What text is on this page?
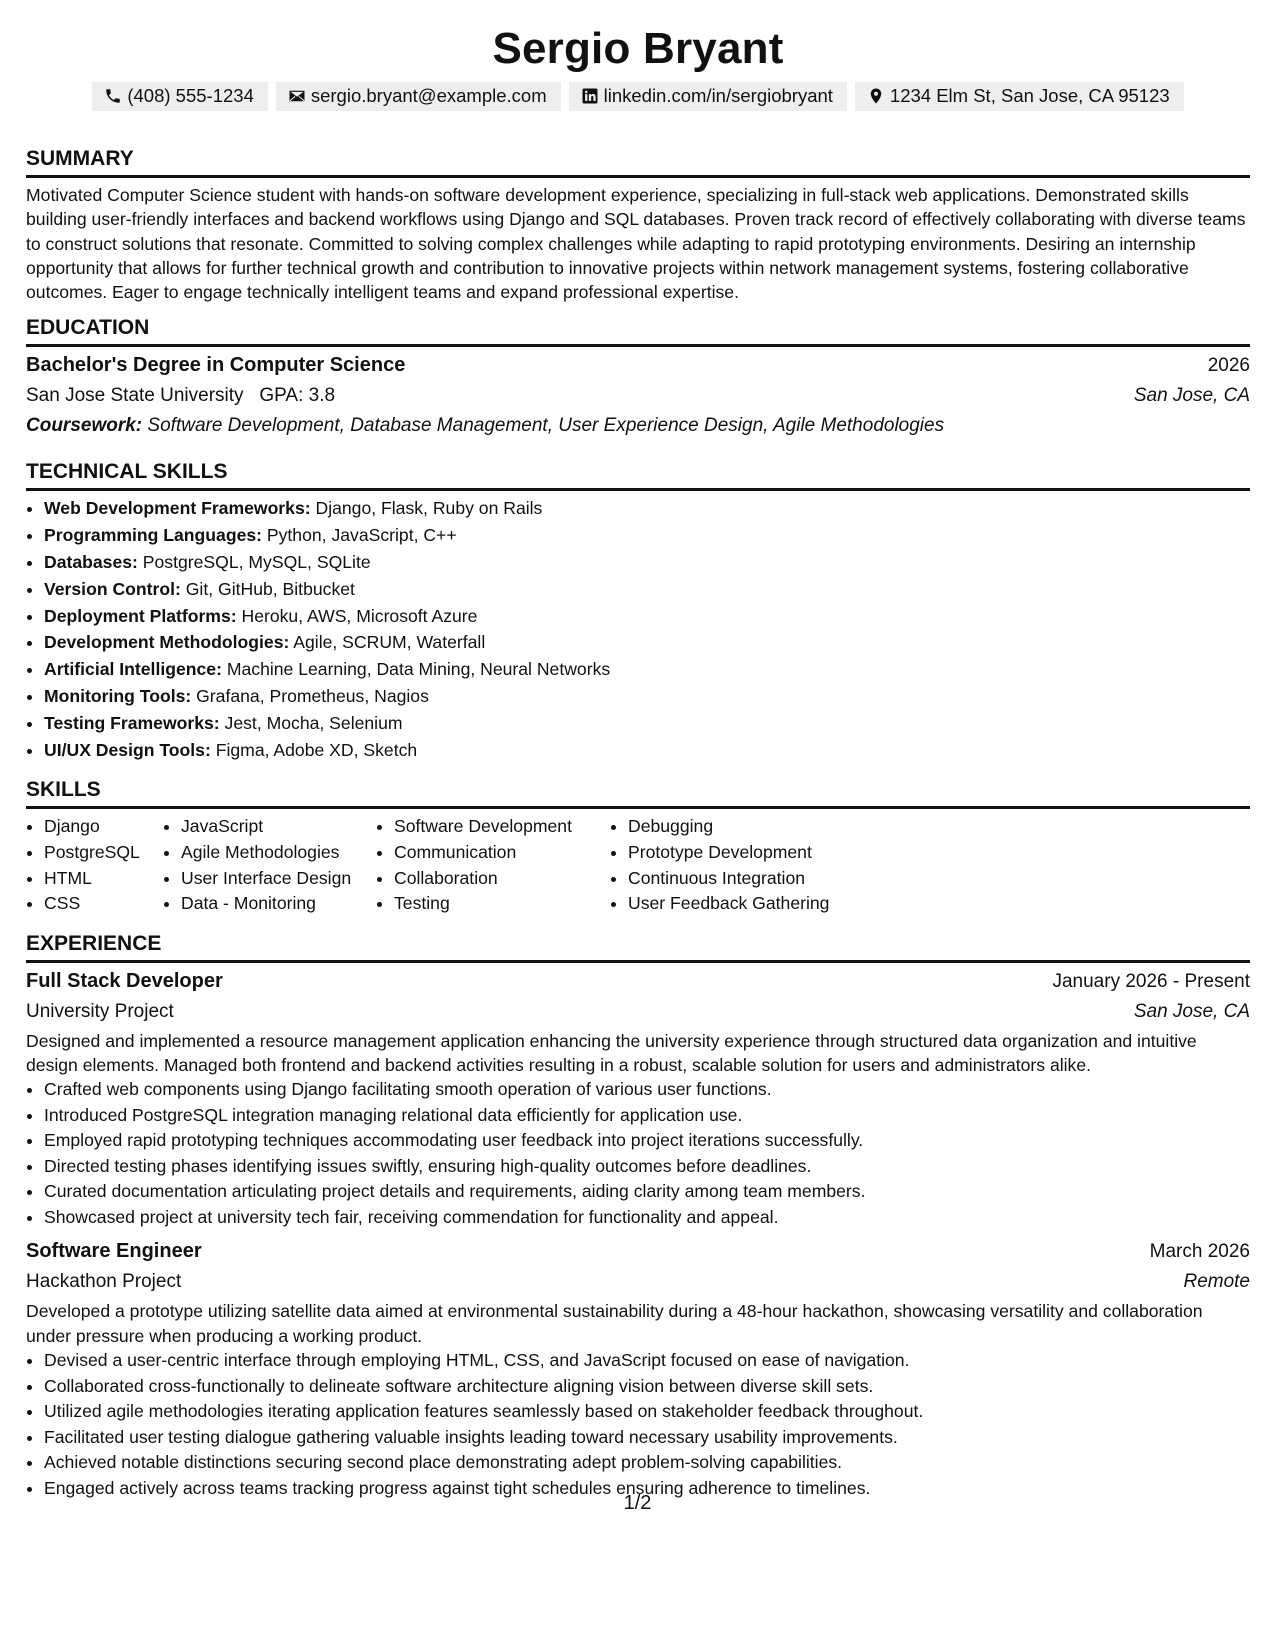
Sergio Bryant
(408) 555-1234	sergio.bryant@example.com	linkedin.com/in/sergiobryant	1234 Elm St, San Jose, CA 95123
SUMMARY

Motivated Computer Science student with hands-on software development experience, specializing in full-stack web applications. Demonstrated skills building user-friendly interfaces and backend workflows using Django and SQL databases. Proven track record of effectively collaborating with diverse teams to construct solutions that resonate. Committed to solving complex challenges while adapting to rapid prototyping environments. Desiring an internship opportunity that allows for further technical growth and contribution to innovative projects within network management systems, fostering collaborative outcomes. Eager to engage technically intelligent teams and expand professional expertise.

EDUCATION
Bachelor's Degree in Computer Science	2026
San Jose State University GPA: 3.8	San Jose, CA
Coursework: Software Development, Database Management, User Experience Design, Agile Methodologies
TECHNICAL SKILLS
• Web Development Frameworks: Django, Flask, Ruby on Rails
• Programming Languages: Python, JavaScript, C++
• Databases: PostgreSQL, MySQL, SQLite
• Version Control: Git, GitHub, Bitbucket
• Deployment Platforms: Heroku, AWS, Microsoft Azure
• Development Methodologies: Agile, SCRUM, Waterfall
• Artificial Intelligence: Machine Learning, Data Mining, Neural Networks
• Monitoring Tools: Grafana, Prometheus, Nagios
• Testing Frameworks: Jest, Mocha, Selenium
• UI/UX Design Tools: Figma, Adobe XD, Sketch
SKILLS
• Django
• PostgreSQL
• HTML
• CSS
• JavaScript
• Agile Methodologies
• User Interface Design
• Data - Monitoring
• Software Development
• Communication
• Collaboration
• Testing
• Debugging
• Prototype Development
• Continuous Integration
• User Feedback Gathering
EXPERIENCE
Full Stack Developer	January 2026 - Present
University Project	San Jose, CA

Designed and implemented a resource management application enhancing the university experience through structured data organization and intuitive design elements. Managed both frontend and backend activities resulting in a robust, scalable solution for users and administrators alike.

• Crafted web components using Django facilitating smooth operation of various user functions.
• Introduced PostgreSQL integration managing relational data efficiently for application use.
• Employed rapid prototyping techniques accommodating user feedback into project iterations successfully.
• Directed testing phases identifying issues swiftly, ensuring high-quality outcomes before deadlines.
• Curated documentation articulating project details and requirements, aiding clarity among team members.
• Showcased project at university tech fair, receiving commendation for functionality and appeal.
Software Engineer	March 2026
Hackathon Project	Remote

Developed a prototype utilizing satellite data aimed at environmental sustainability during a 48-hour hackathon, showcasing versatility and collaboration under pressure when producing a working product.

• Devised a user-centric interface through employing HTML, CSS, and JavaScript focused on ease of navigation.
• Collaborated cross-functionally to delineate software architecture aligning vision between diverse skill sets.
• Utilized agile methodologies iterating application features seamlessly based on stakeholder feedback throughout.
• Facilitated user testing dialogue gathering valuable insights leading toward necessary usability improvements.
• Achieved notable distinctions securing second place demonstrating adept problem-solving capabilities.
• Engaged actively across teams tracking progress against tight schedules ensuring adherence to timelines.
1/2
